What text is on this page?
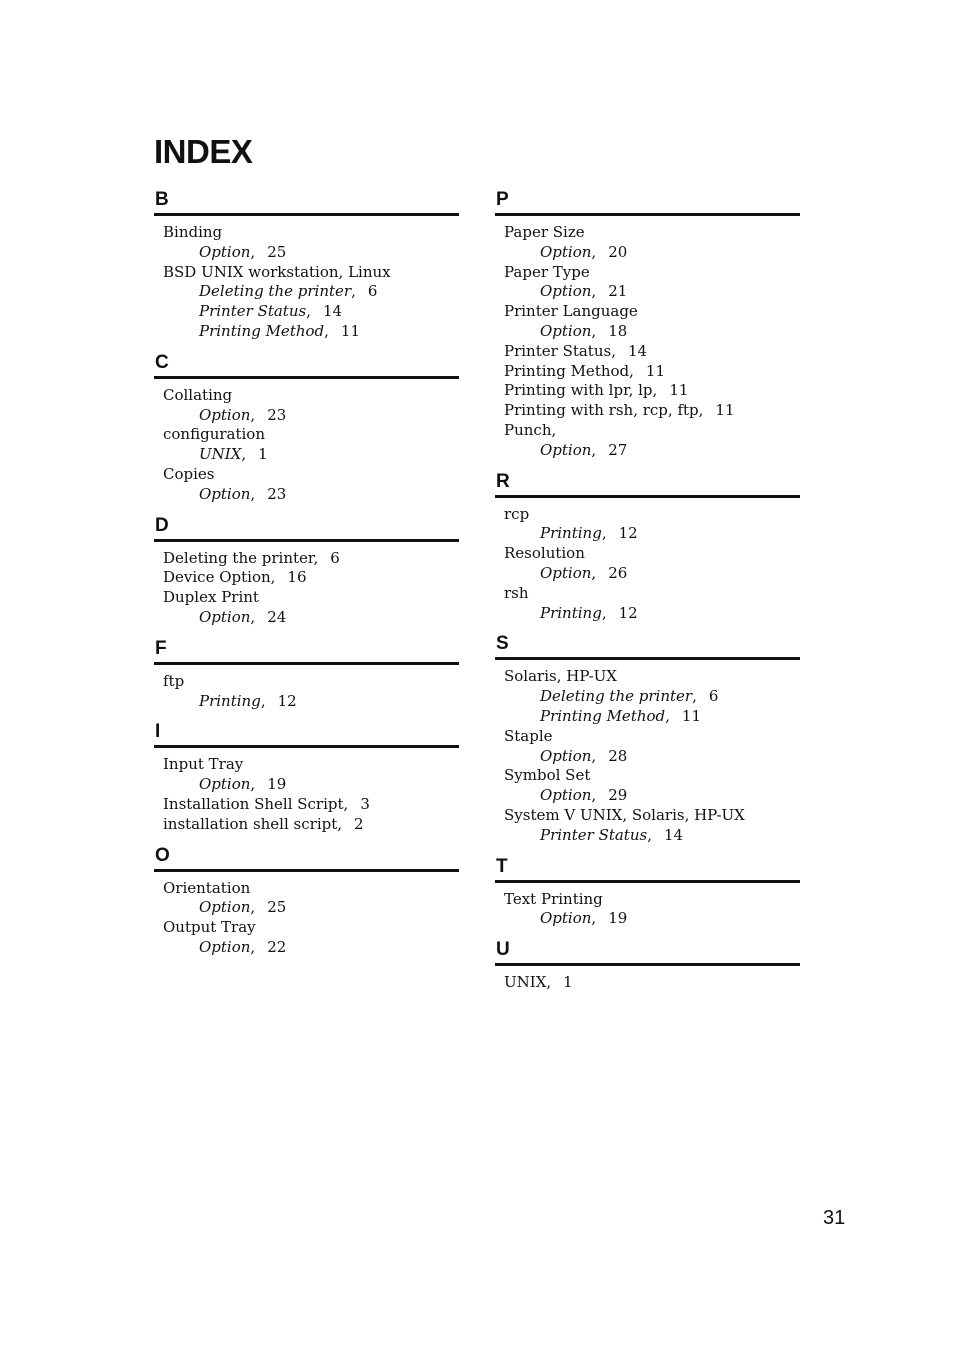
INDEX
B
Binding
Option, 25
BSD UNIX workstation, Linux
Deleting the printer, 6
Printer Status, 14
Printing Method, 11
C
Collating
Option, 23
configuration
UNIX, 1
Copies
Option, 23
D
Deleting the printer, 6
Device Option, 16
Duplex Print
Option, 24
F
ftp
Printing, 12
I
Input Tray
Option, 19
Installation Shell Script, 3
installation shell script, 2
O
Orientation
Option, 25
Output Tray
Option, 22
P
Paper Size
Option, 20
Paper Type
Option, 21
Printer Language
Option, 18
Printer Status, 14
Printing Method, 11
Printing with lpr, lp, 11
Printing with rsh, rcp, ftp, 11
Punch,
Option, 27
R
rcp
Printing, 12
Resolution
Option, 26
rsh
Printing, 12
S
Solaris, HP-UX
Deleting the printer, 6
Printing Method, 11
Staple
Option, 28
Symbol Set
Option, 29
System V UNIX, Solaris, HP-UX
Printer Status, 14
T
Text Printing
Option, 19
U
UNIX, 1
31
